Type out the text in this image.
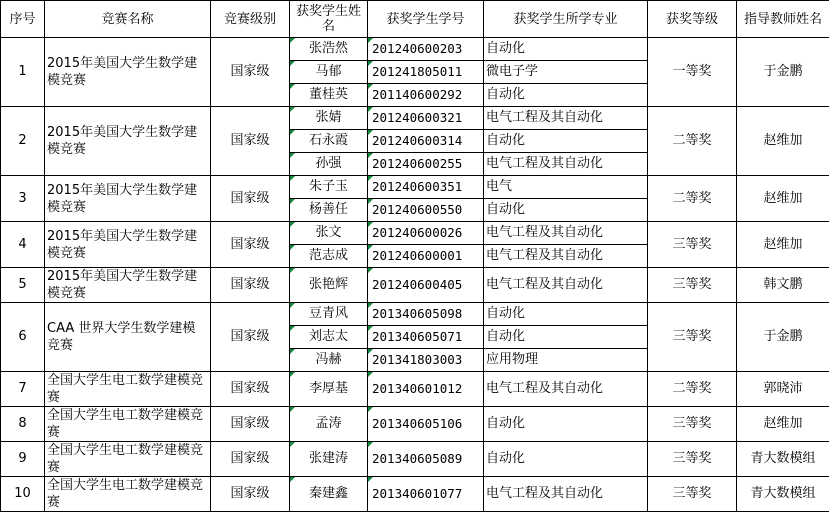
序号	竞赛名称	竞赛级别	获奖学生姓名	获奖学生学号	获奖学生所学专业	获奖等级	指导教师姓名
1	2015年美国大学生数学建模竞赛	国家级	张浩然	201240600203	自动化	一等奖	于金鹏
			马郁	201241805011	微电子学		
			董桂英	201140600292	自动化		
2	2015年美国大学生数学建模竞赛	国家级	张婧	201240600321	电气工程及其自动化	二等奖	赵维加
			石永霞	201240600314	自动化		
			孙强	201240600255	电气工程及其自动化		
3	2015年美国大学生数学建模竞赛	国家级	朱子玉	201240600351	电气	二等奖	赵维加
			杨善任	201240600550	自动化		
4	2015年美国大学生数学建模竞赛	国家级	张文	201240600026	电气工程及其自动化	三等奖	赵维加
			范志成	201240600001	电气工程及其自动化		
5	2015年美国大学生数学建模竞赛	国家级	张艳辉	201240600405	电气工程及其自动化	三等奖	韩文鹏
6	CAA 世界大学生数学建模竞赛	国家级	豆青风	201340605098	自动化	三等奖	于金鹏
			刘志太	201340605071	自动化		
			冯赫	201341803003	应用物理		
7	全国大学生电工数学建模竞赛	国家级	李厚基	201340601012	电气工程及其自动化	二等奖	郭晓沛
8	全国大学生电工数学建模竞赛	国家级	孟涛	201340605106	自动化	三等奖	赵维加
9	全国大学生电工数学建模竞赛	国家级	张建涛	201340605089	自动化	三等奖	青大数模组
10	全国大学生电工数学建模竞赛	国家级	秦建鑫	201340601077	电气工程及其自动化	三等奖	青大数模组
